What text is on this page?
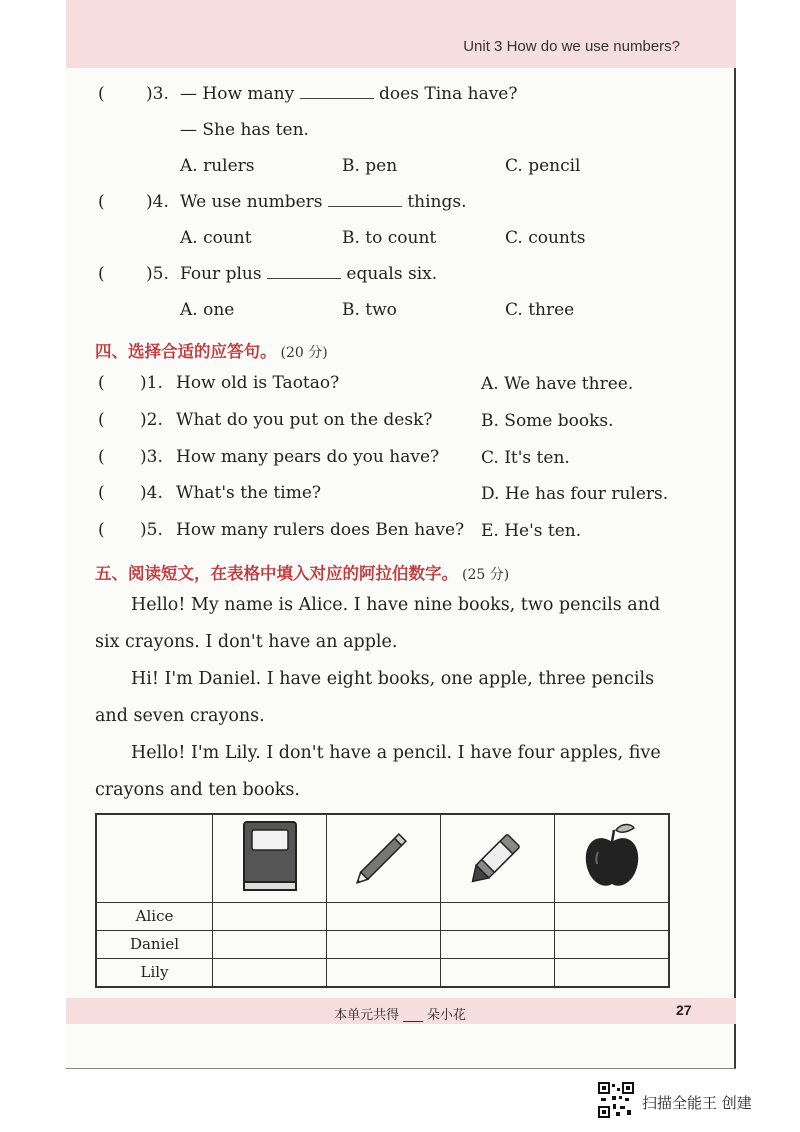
Unit 3 How do we use numbers?
( )3. — How many	does Tina have?
— She has ten.
A. rulers	B. pen	C. pencil
( )4. We use numbers	things.
A. count	B. to count	C. counts
( )5. Four plus	equals six.
A. one	B. two	C. three
四、选择合适的应答句。 (20 分)
( )1. How old is Taotao?	A. We have three.
( )2. What do you put on the desk?	B. Some books.
( )3. How many pears do you have? C. It's ten.
( )4. What's the time?	D. He has four rulers.
( )5. How many rulers does Ben have? E. He's ten.
五、阅读短文，在表格中填入对应的阿拉伯数字。 (25 分)

Hello! My name is Alice. I have nine books, two pencils and six crayons. I don't have an apple.

Hi! I'm Daniel. I have eight books, one apple, three pencils and seven crayons.

Hello! I'm Lily. I don't have a pencil. I have four apples, five crayons and ten books.

Alice				
Daniel				
Lily				
本单元共得 ___ 朵小花	27
扫描全能王 创建
